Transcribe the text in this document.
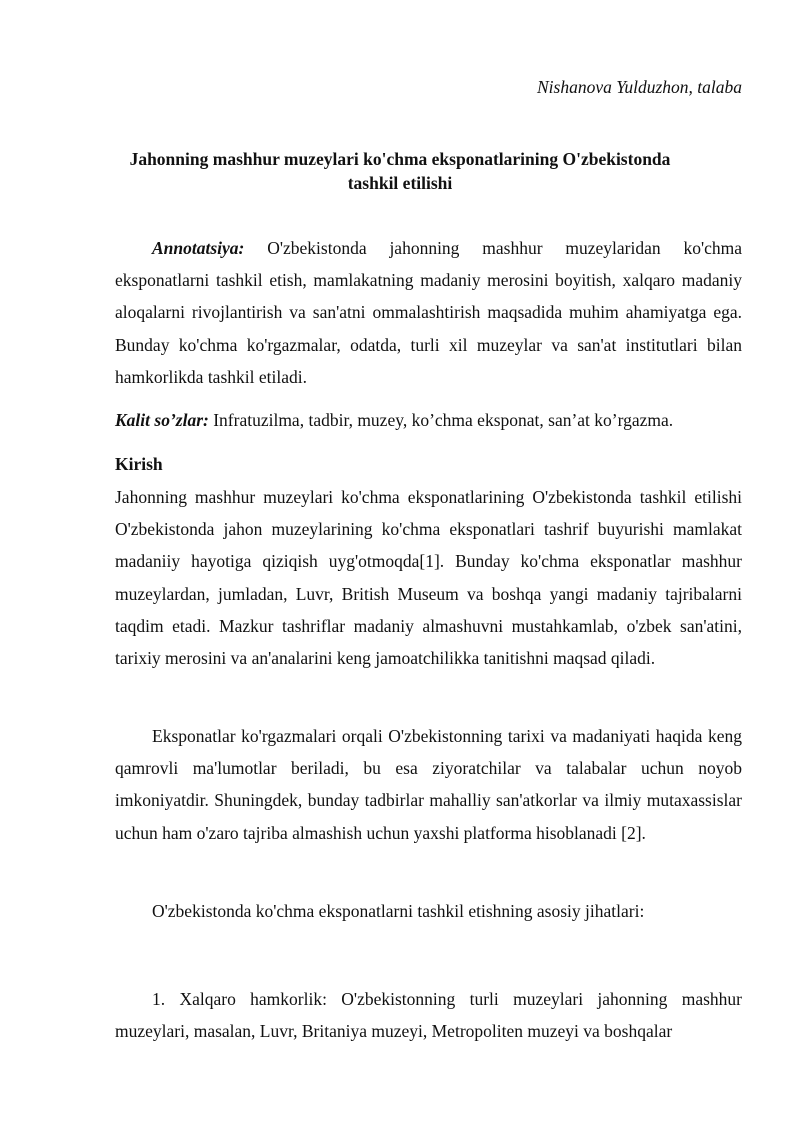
Nishanova Yulduzhon, talaba
Jahonning mashhur muzeylari ko'chma eksponatlarining O'zbekistonda tashkil etilishi

Annotatsiya: O'zbekistonda jahonning mashhur muzeylaridan ko'chma eksponatlarni tashkil etish, mamlakatning madaniy merosini boyitish, xalqaro madaniy aloqalarni rivojlantirish va san'atni ommalashtirish maqsadida muhim ahamiyatga ega. Bunday ko'chma ko'rgazmalar, odatda, turli xil muzeylar va san'at institutlari bilan hamkorlikda tashkil etiladi.

Kalit so’zlar: Infratuzilma, tadbir, muzey, ko’chma eksponat, san’at ko’rgazma.

Kirish

Jahonning mashhur muzeylari ko'chma eksponatlarining O'zbekistonda tashkil etilishi O'zbekistonda jahon muzeylarining ko'chma eksponatlari tashrif buyurishi mamlakat madaniiy hayotiga qiziqish uyg'otmoqda[1]. Bunday ko'chma eksponatlar mashhur muzeylardan, jumladan, Luvr, British Museum va boshqa yangi madaniy tajribalarni taqdim etadi. Mazkur tashriflar madaniy almashuvni mustahkamlab, o'zbek san'atini, tarixiy merosini va an'analarini keng jamoatchilikka tanitishni maqsad qiladi.

Eksponatlar ko'rgazmalari orqali O'zbekistonning tarixi va madaniyati haqida keng qamrovli ma'lumotlar beriladi, bu esa ziyoratchilar va talabalar uchun noyob imkoniyatdir. Shuningdek, bunday tadbirlar mahalliy san'atkorlar va ilmiy mutaxassislar uchun ham o'zaro tajriba almashish uchun yaxshi platforma hisoblanadi [2].

O'zbekistonda ko'chma eksponatlarni tashkil etishning asosiy jihatlari:

1. Xalqaro hamkorlik: O'zbekistonning turli muzeylari jahonning mashhur muzeylari, masalan, Luvr, Britaniya muzeyi, Metropoliten muzeyi va boshqalar
